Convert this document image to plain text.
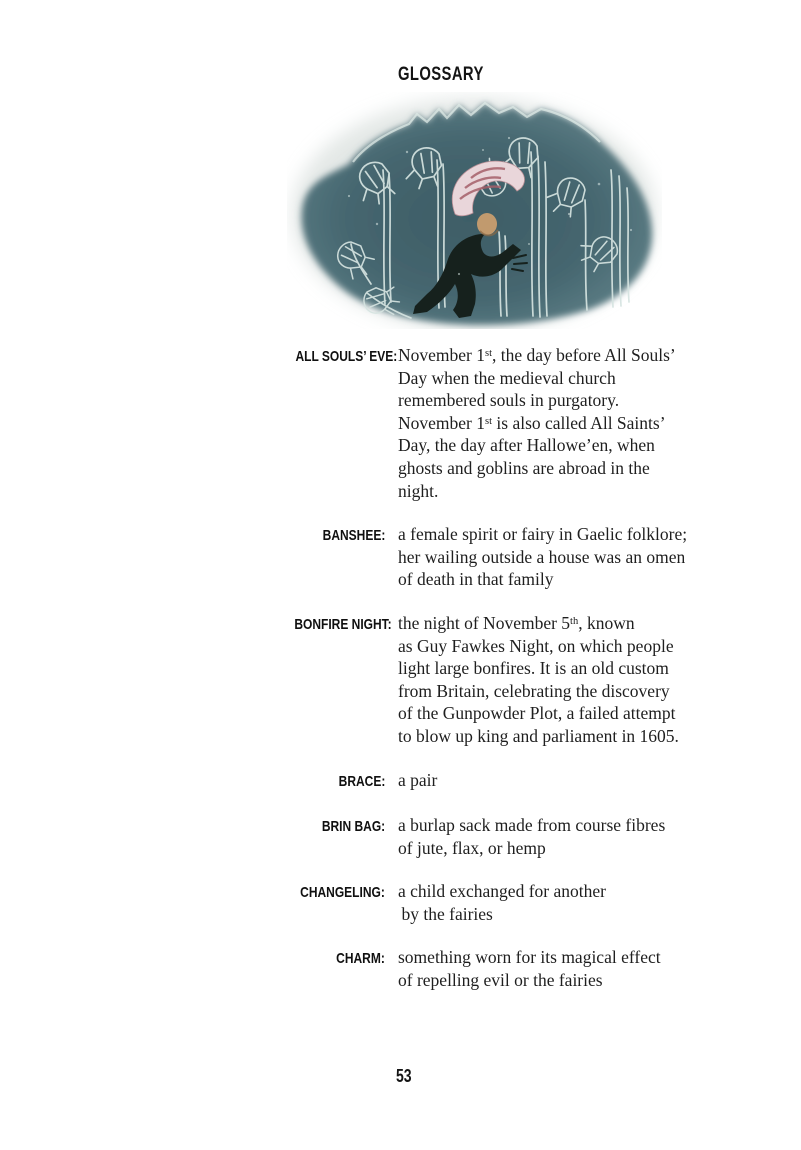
GLOSSARY
ALL SOULS’ EVE: November 1st, the day before All Souls’
Day when the medieval church
remembered souls in purgatory.
November 1st is also called All Saints’
Day, the day after Hallowe’en, when
ghosts and goblins are abroad in the
night.
BANSHEE: a female spirit or fairy in Gaelic folklore;
her wailing outside a house was an omen
of death in that family
BONFIRE NIGHT: the night of November 5th, known
as Guy Fawkes Night, on which people
light large bonfires. It is an old custom
from Britain, celebrating the discovery
of the Gunpowder Plot, a failed attempt
to blow up king and parliament in 1605.
BRACE: a pair
BRIN BAG: a burlap sack made from course fibres
of jute, flax, or hemp
CHANGELING: a child exchanged for another
 by the fairies
CHARM: something worn for its magical effect
of repelling evil or the fairies
53
